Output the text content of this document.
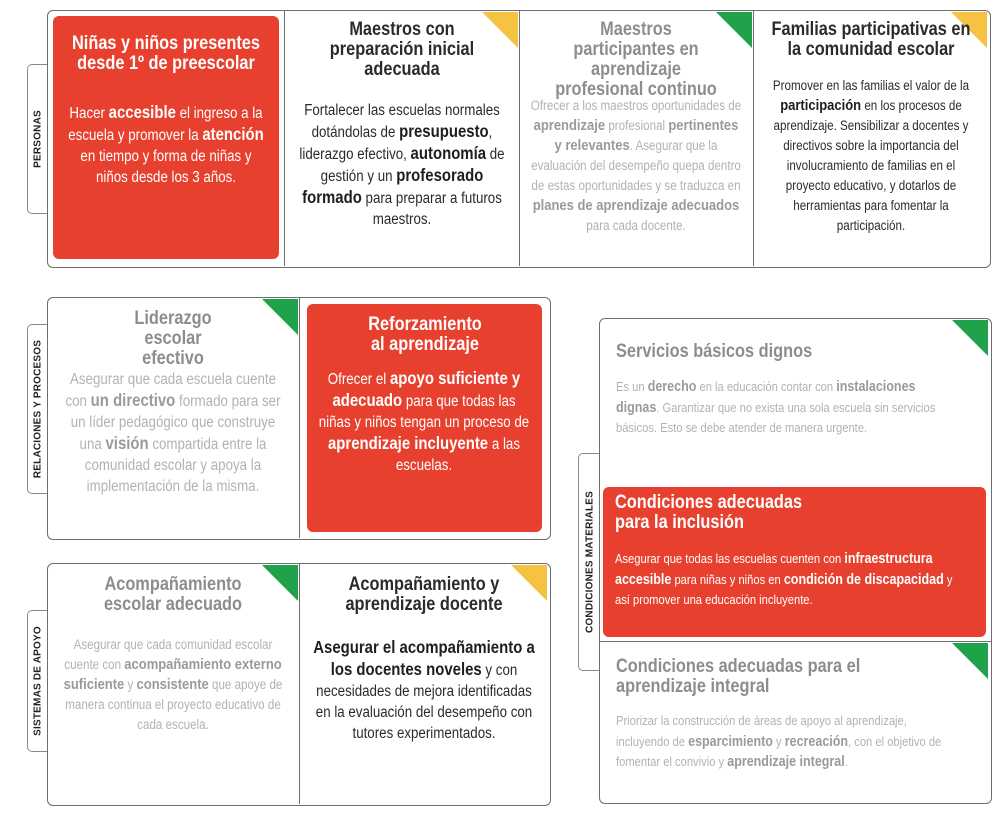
PERSONAS
Niñas y niños presentes desde 1º de preescolar
Hacer accesible el ingreso a la escuela y promover la atención en tiempo y forma de niñas y niños desde los 3 años.
Maestros con preparación inicial adecuada
Fortalecer las escuelas normales dotándolas de presupuesto, liderazgo efectivo, autonomía de gestión y un profesorado formado para preparar a futuros maestros.
Maestros participantes en aprendizaje profesional continuo
Ofrecer a los maestros oportunidades de aprendizaje profesional pertinentes y relevantes. Asegurar que la evaluación del desempeño quepa dentro de estas oportunidades y se traduzca en planes de aprendizaje adecuados para cada docente.
Familias participativas en la comunidad escolar
Promover en las familias el valor de la participación en los procesos de aprendizaje. Sensibilizar a docentes y directivos sobre la importancia del involucramiento de familias en el proyecto educativo, y dotarlos de herramientas para fomentar la participación.
RELACIONES Y PROCESOS
Liderazgo escolar efectivo
Asegurar que cada escuela cuente con un directivo formado para ser un líder pedagógico que construye una visión compartida entre la comunidad escolar y apoya la implementación de la misma.
Reforzamiento al aprendizaje
Ofrecer el apoyo suficiente y adecuado para que todas las niñas y niños tengan un proceso de aprendizaje incluyente a las escuelas.
SISTEMAS DE APOYO
Acompañamiento escolar adecuado
Asegurar que cada comunidad escolar cuente con acompañamiento externo suficiente y consistente que apoye de manera continua el proyecto educativo de cada escuela.
Acompañamiento y aprendizaje docente
Asegurar el acompañamiento a los docentes noveles y con necesidades de mejora identificadas en la evaluación del desempeño con tutores experimentados.
CONDICIONES MATERIALES
Servicios básicos dignos
Es un derecho en la educación contar con instalaciones dignas. Garantizar que no exista una sola escuela sin servicios básicos. Esto se debe atender de manera urgente.
Condiciones adecuadas para la inclusión
Asegurar que todas las escuelas cuenten con infraestructura accesible para niñas y niños en condición de discapacidad y así promover una educación incluyente.
Condiciones adecuadas para el aprendizaje integral
Priorizar la construcción de áreas de apoyo al aprendizaje, incluyendo de esparcimiento y recreación, con el objetivo de fomentar el convivio y aprendizaje integral.
